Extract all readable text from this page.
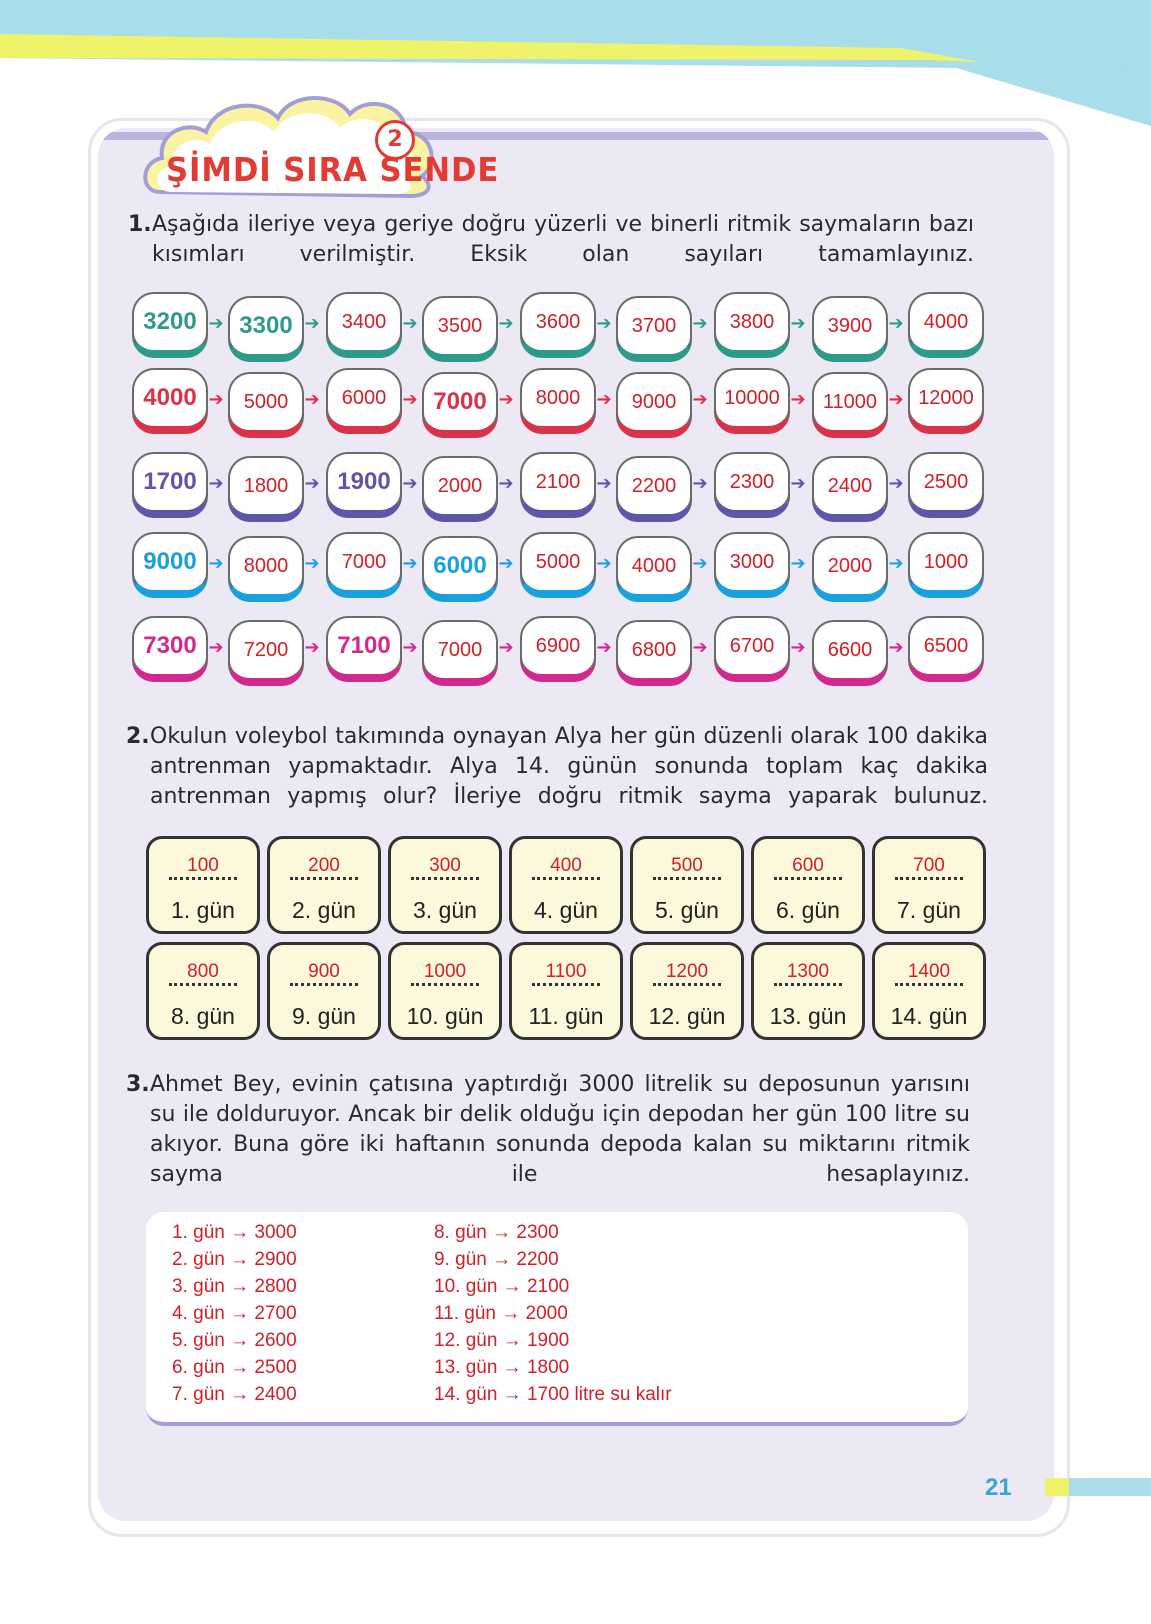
2
ŞİMDİ SIRA SENDE
1. Aşağıda ileriye veya geriye doğru yüzerli ve binerli ritmik saymaların bazı kısımları verilmiştir. Eksik olan sayıları tamamlayınız.
3200 ➔ 3300 ➔	3400 ➔	3500 ➔	3600 ➔	3700 ➔	3800 ➔	3900 ➔	4000
4000 ➔	5000 ➔	6000 ➔ 7000 ➔	8000 ➔	9000 ➔ 10000 ➔ 11000 ➔ 12000
1700 ➔	1800 ➔ 1900 ➔	2000 ➔	2100 ➔	2200 ➔	2300 ➔	2400 ➔	2500
9000 ➔	8000 ➔	7000 ➔ 6000 ➔	5000 ➔	4000 ➔	3000 ➔	2000 ➔	1000
7300 ➔	7200 ➔ 7100 ➔	7000 ➔	6900 ➔	6800 ➔	6700 ➔	6600 ➔	6500
2. Okulun voleybol takımında oynayan Alya her gün düzenli olarak 100 dakika antrenman yapmaktadır. Alya 14. günün sonunda toplam kaç dakika antrenman yapmış olur? İleriye doğru ritmik sayma yaparak bulunuz.
100
1. gün
200
2. gün
300
3. gün
400
4. gün
500
5. gün
600
6. gün
700
7. gün
800
8. gün
900
9. gün
1000
10. gün
1100
11. gün
1200
12. gün
1300
13. gün
1400
14. gün
3. Ahmet Bey, evinin çatısına yaptırdığı 3000 litrelik su deposunun yarısını su ile dolduruyor. Ancak bir delik olduğu için depodan her gün 100 litre su akıyor. Buna göre iki haftanın sonunda depoda kalan su miktarını ritmik sayma ile hesaplayınız.
1. gün → 3000
2. gün → 2900
3. gün → 2800
4. gün → 2700
5. gün → 2600
6. gün → 2500
7. gün → 2400
8. gün → 2300
9. gün → 2200
10. gün → 2100
11. gün → 2000
12. gün → 1900
13. gün → 1800
14. gün → 1700 litre su kalır
21
